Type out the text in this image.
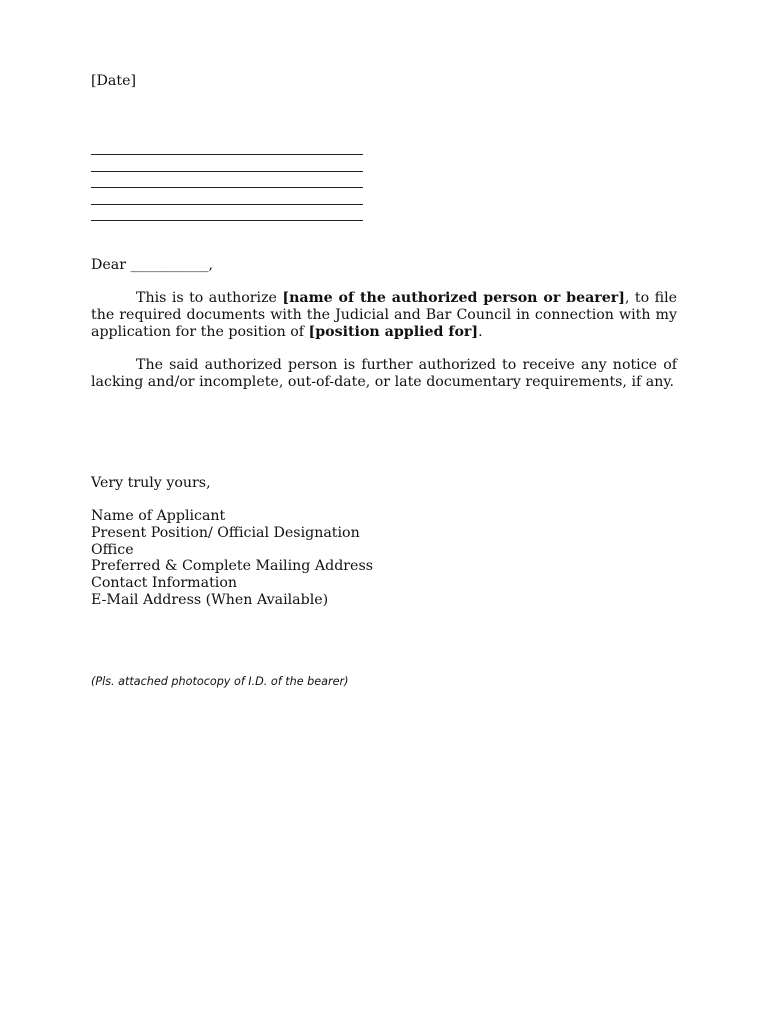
[Date]
Dear ___________,

This is to authorize [name of the authorized person or bearer], to file the required documents with the Judicial and Bar Council in connection with my application for the position of [position applied for].

The said authorized person is further authorized to receive any notice of lacking and/or incomplete, out-of-date, or late documentary requirements, if any.

Very truly yours,
Name of Applicant
Present Position/ Official Designation
Office
Preferred & Complete Mailing Address
Contact Information
E-Mail Address (When Available)
(Pls. attached photocopy of I.D. of the bearer)
